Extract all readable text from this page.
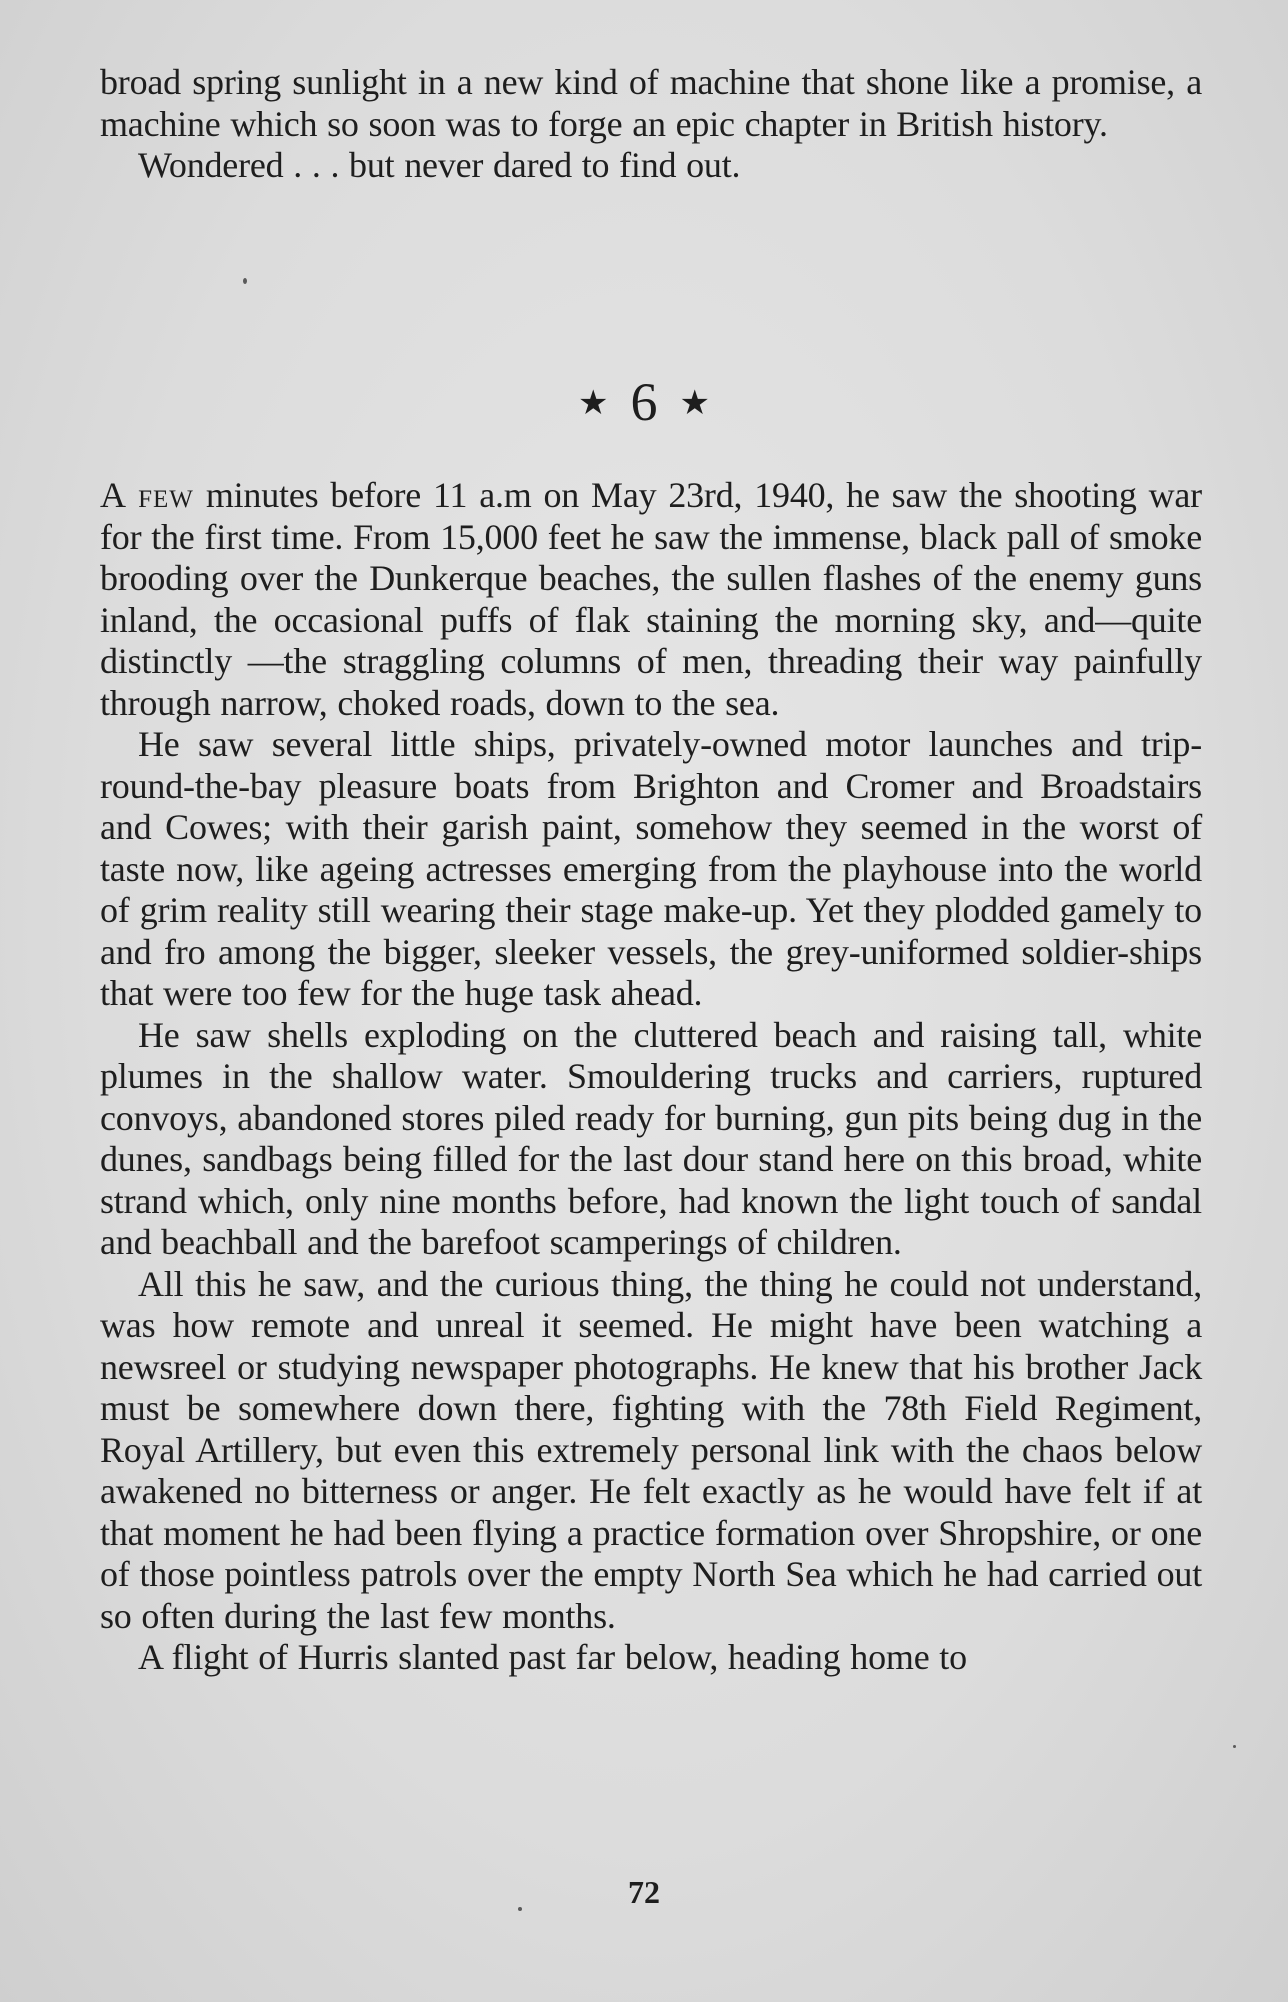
broad spring sunlight in a new kind of machine that shone like a promise, a machine which so soon was to forge an epic chapter in British history.

Wondered . . . but never dared to find out.

★ 6 ★

A few minutes before 11 a.m on May 23rd, 1940, he saw the shooting war for the first time. From 15,000 feet he saw the immense, black pall of smoke brooding over the Dunkerque beaches, the sullen flashes of the enemy guns inland, the occasional puffs of flak staining the morning sky, and—quite distinctly —the straggling columns of men, threading their way painfully through narrow, choked roads, down to the sea.

He saw several little ships, privately-owned motor launches and trip-round-the-bay pleasure boats from Brighton and Cromer and Broadstairs and Cowes; with their garish paint, somehow they seemed in the worst of taste now, like ageing actresses emerging from the playhouse into the world of grim reality still wearing their stage make-up. Yet they plodded gamely to and fro among the bigger, sleeker vessels, the grey-uniformed soldier-ships that were too few for the huge task ahead.

He saw shells exploding on the cluttered beach and raising tall, white plumes in the shallow water. Smouldering trucks and carriers, ruptured convoys, abandoned stores piled ready for burning, gun pits being dug in the dunes, sandbags being filled for the last dour stand here on this broad, white strand which, only nine months before, had known the light touch of sandal and beachball and the barefoot scamperings of children.

All this he saw, and the curious thing, the thing he could not understand, was how remote and unreal it seemed. He might have been watching a newsreel or studying newspaper photographs. He knew that his brother Jack must be somewhere down there, fighting with the 78th Field Regiment, Royal Artillery, but even this extremely personal link with the chaos below awakened no bitterness or anger. He felt exactly as he would have felt if at that moment he had been flying a practice formation over Shropshire, or one of those pointless patrols over the empty North Sea which he had carried out so often during the last few months.

A flight of Hurris slanted past far below, heading home to

72
